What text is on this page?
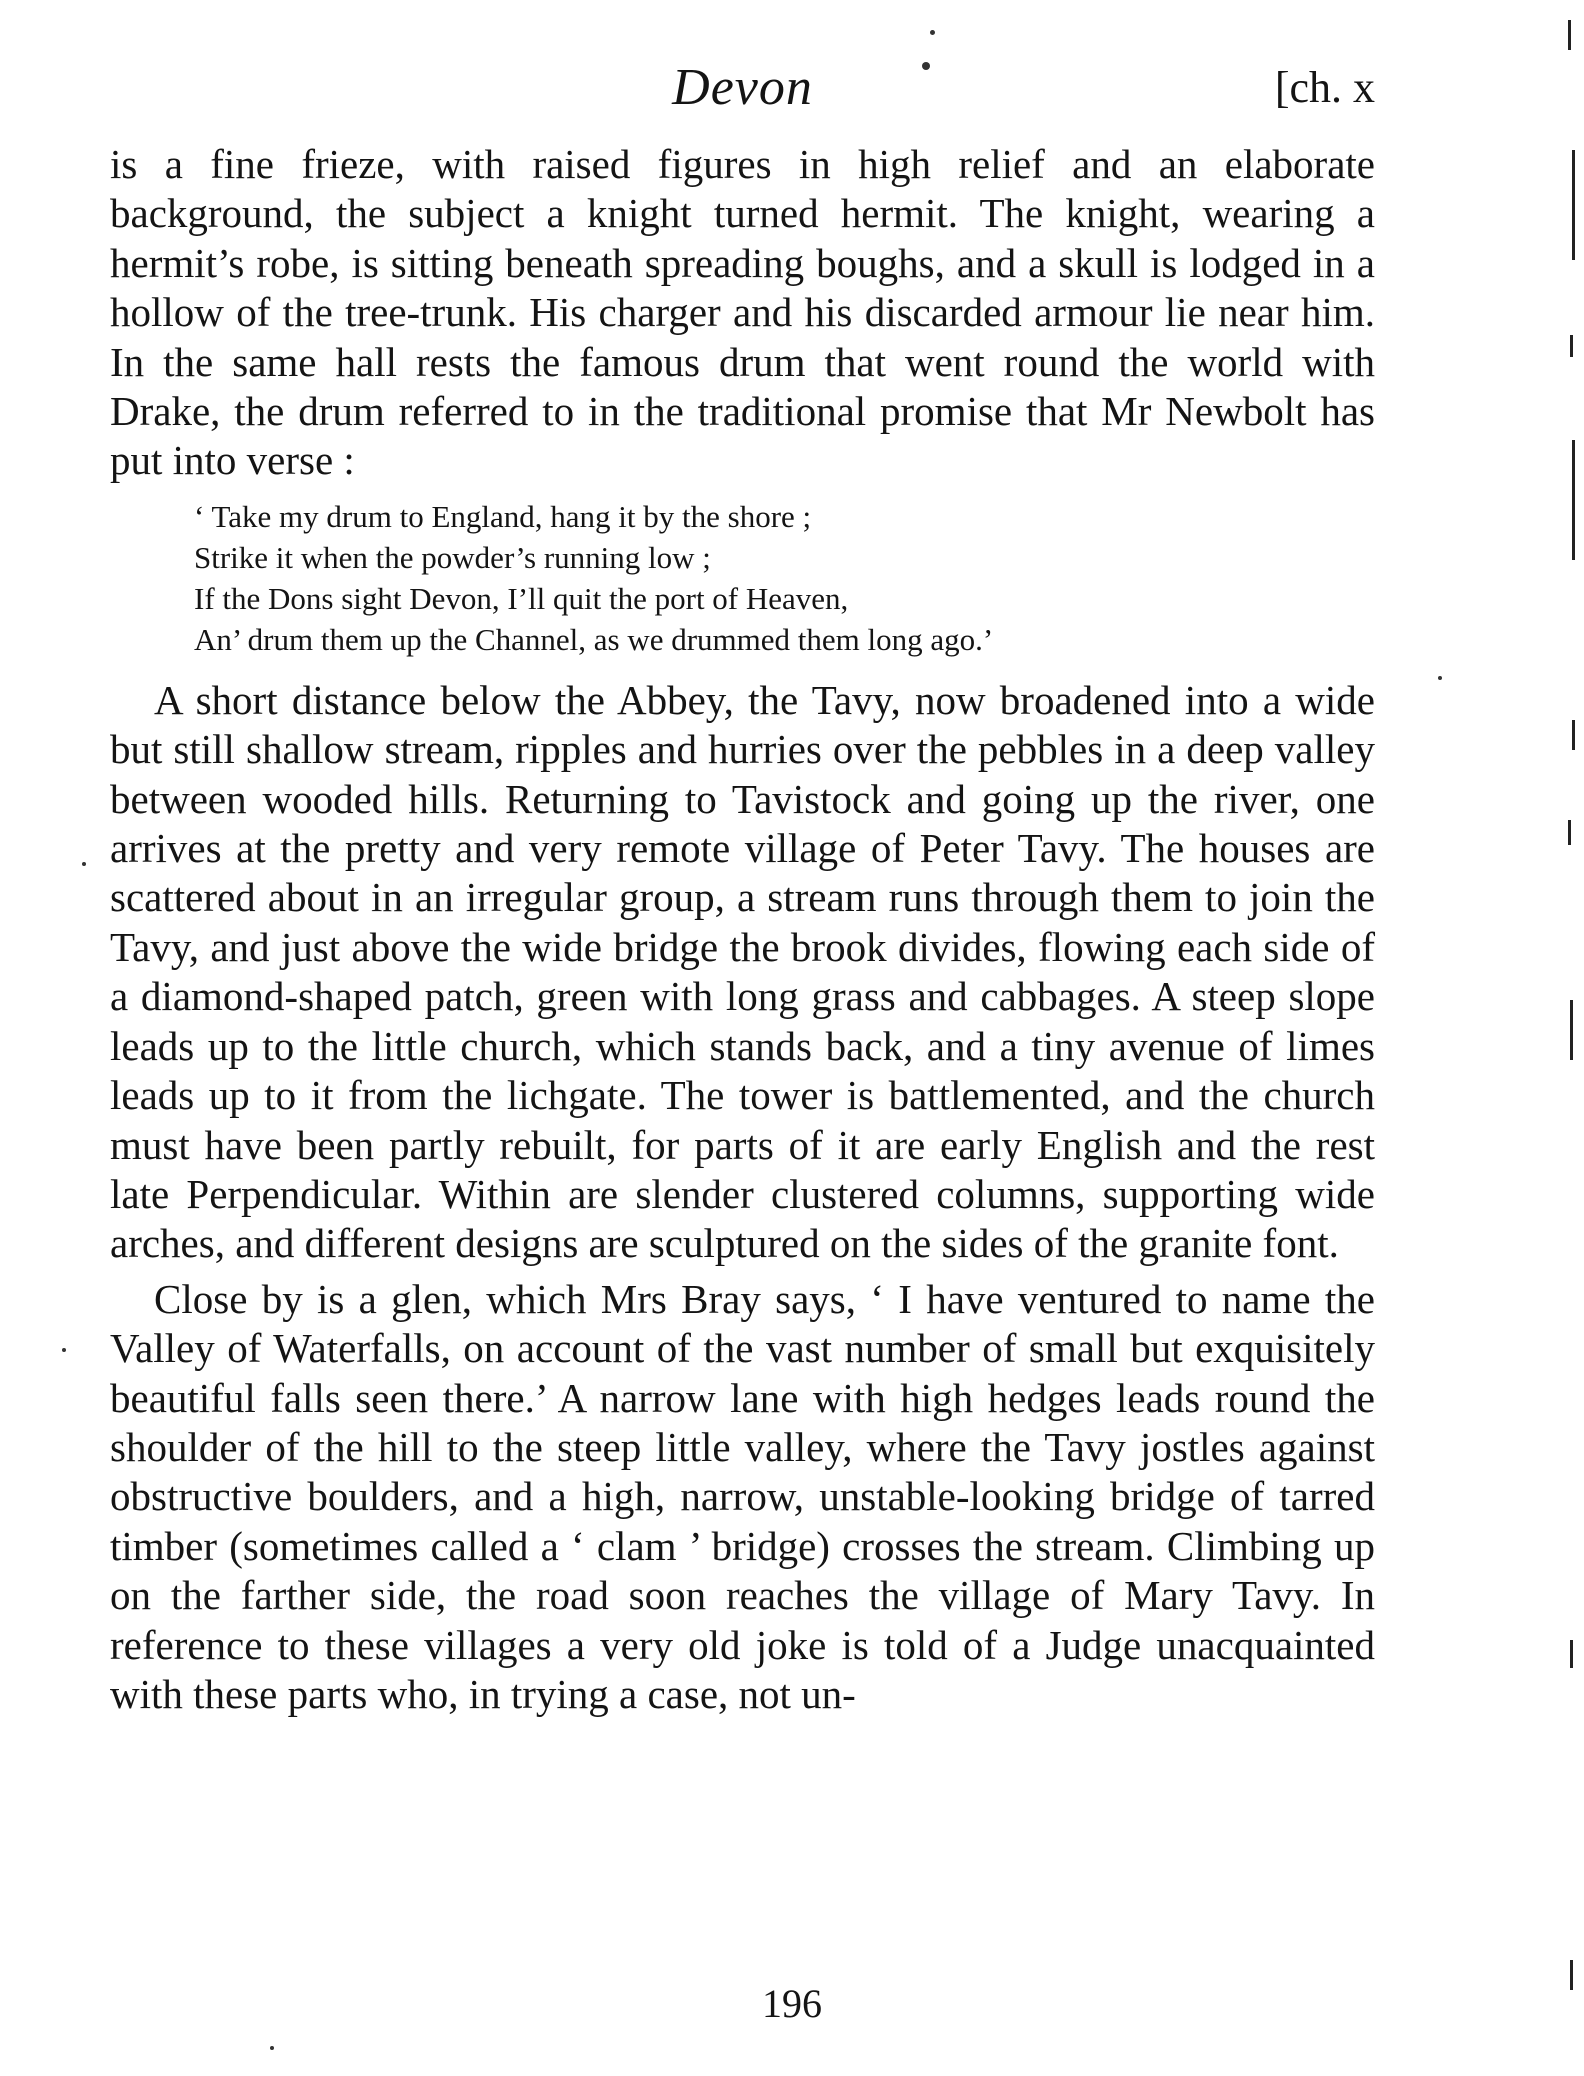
Devon	[ch. x

is a fine frieze, with raised figures in high relief and an elaborate background, the subject a knight turned hermit. The knight, wearing a hermit’s robe, is sitting beneath spreading boughs, and a skull is lodged in a hollow of the tree-trunk. His charger and his discarded armour lie near him. In the same hall rests the famous drum that went round the world with Drake, the drum referred to in the traditional promise that Mr Newbolt has put into verse :

‘ Take my drum to England, hang it by the shore ;
Strike it when the powder’s running low ;
If the Dons sight Devon, I’ll quit the port of Heaven,
An’ drum them up the Channel, as we drummed them long ago.’

A short distance below the Abbey, the Tavy, now broadened into a wide but still shallow stream, ripples and hurries over the pebbles in a deep valley between wooded hills. Returning to Tavistock and going up the river, one arrives at the pretty and very remote village of Peter Tavy. The houses are scattered about in an irregular group, a stream runs through them to join the Tavy, and just above the wide bridge the brook divides, flowing each side of a diamond-shaped patch, green with long grass and cabbages. A steep slope leads up to the little church, which stands back, and a tiny avenue of limes leads up to it from the lichgate. The tower is battlemented, and the church must have been partly rebuilt, for parts of it are early English and the rest late Perpendicular. Within are slender clustered columns, supporting wide arches, and different designs are sculptured on the sides of the granite font.

Close by is a glen, which Mrs Bray says, ‘ I have ventured to name the Valley of Waterfalls, on account of the vast number of small but exquisitely beautiful falls seen there.’ A narrow lane with high hedges leads round the shoulder of the hill to the steep little valley, where the Tavy jostles against obstructive boulders, and a high, narrow, unstable-looking bridge of tarred timber (sometimes called a ‘ clam ’ bridge) crosses the stream. Climbing up on the farther side, the road soon reaches the village of Mary Tavy. In reference to these villages a very old joke is told of a Judge unacquainted with these parts who, in trying a case, not un-

196
